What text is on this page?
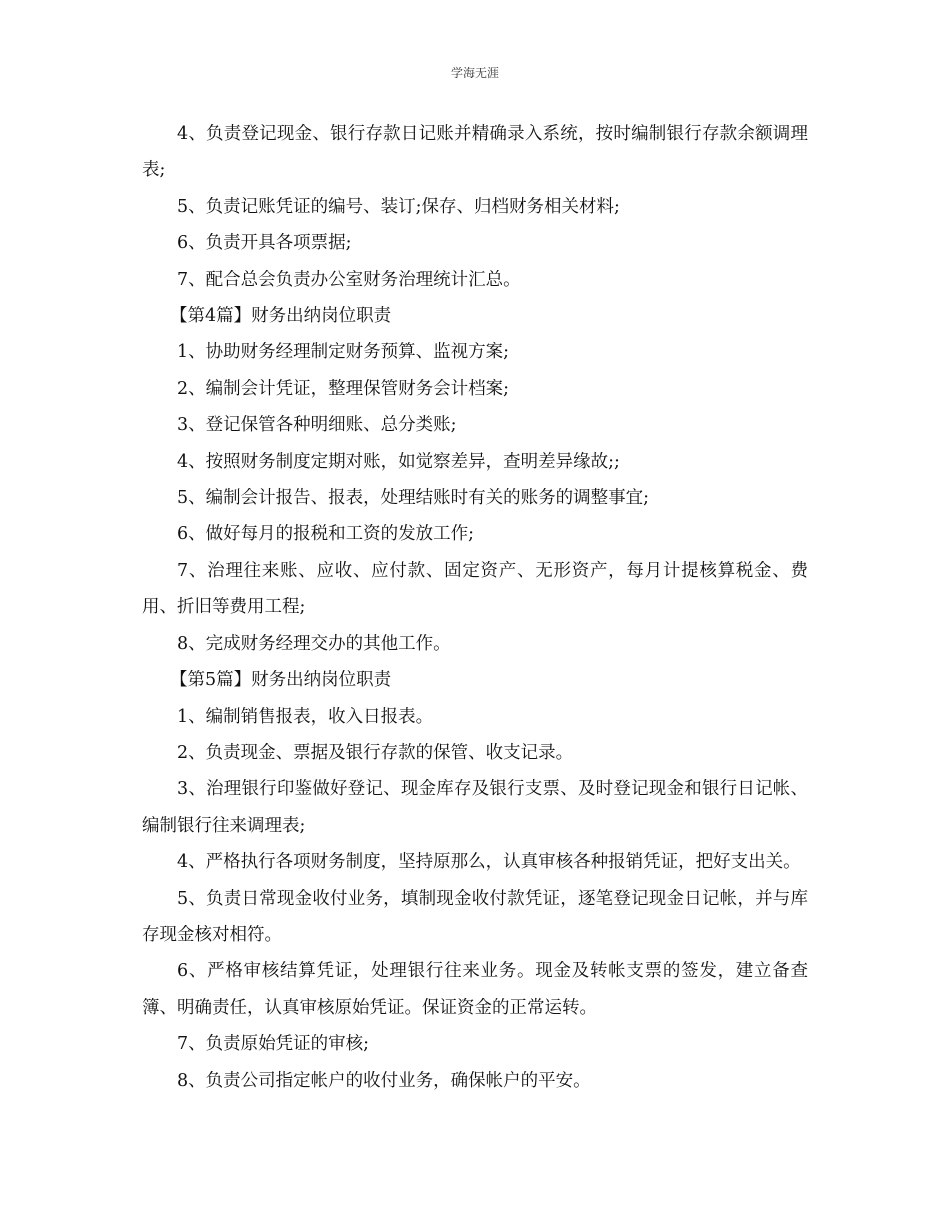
学海无涯

4、负责登记现金、银行存款日记账并精确录入系统，按时编制银行存款余额调理表;

5、负责记账凭证的编号、装订;保存、归档财务相关材料;

6、负责开具各项票据;

7、配合总会负责办公室财务治理统计汇总。

【第4篇】财务出纳岗位职责

1、协助财务经理制定财务预算、监视方案;

2、编制会计凭证，整理保管财务会计档案;

3、登记保管各种明细账、总分类账;

4、按照财务制度定期对账，如觉察差异，查明差异缘故;;

5、编制会计报告、报表，处理结账时有关的账务的调整事宜;

6、做好每月的报税和工资的发放工作;

7、治理往来账、应收、应付款、固定资产、无形资产，每月计提核算税金、费用、折旧等费用工程;

8、完成财务经理交办的其他工作。

【第5篇】财务出纳岗位职责

1、编制销售报表，收入日报表。

2、负责现金、票据及银行存款的保管、收支记录。

3、治理银行印鉴做好登记、现金库存及银行支票、及时登记现金和银行日记帐、编制银行往来调理表;

4、严格执行各项财务制度，坚持原那么，认真审核各种报销凭证，把好支出关。

5、负责日常现金收付业务，填制现金收付款凭证，逐笔登记现金日记帐，并与库存现金核对相符。

6、严格审核结算凭证，处理银行往来业务。现金及转帐支票的签发，建立备查簿、明确责任，认真审核原始凭证。保证资金的正常运转。

7、负责原始凭证的审核;

8、负责公司指定帐户的收付业务，确保帐户的平安。
